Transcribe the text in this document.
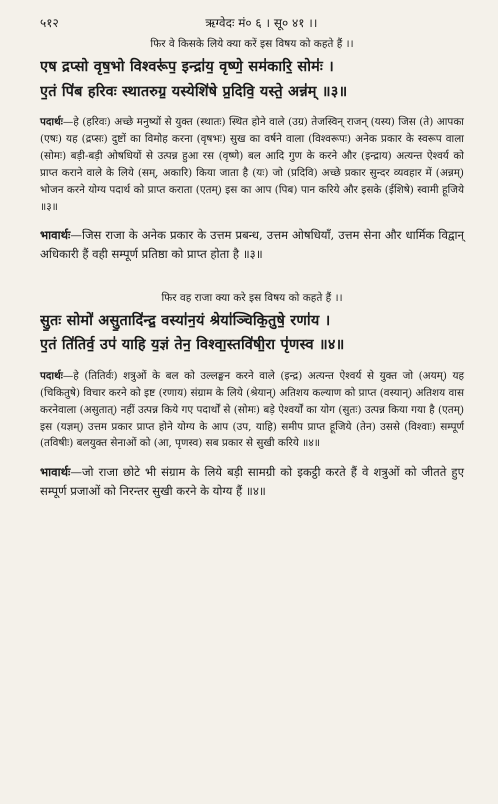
५१२	ऋग्वेदः मं० ६ । सू० ४१ ।।
फिर वे किसके लिये क्या करें इस विषय को कहते हैं ।।
एष द्रप्सो वृष॒भो विश्वरू॑प॒ इन्द्रा॑य॒ वृष्णे॒ सम॑कारि॒ सोमः॑ ।
ए॒तं पि॑ब हरिवः स्थातरुग्र॒ यस्येशि॑षे प्र॒दिवि॒ यस्ते॒ अन्न॑म् ॥३॥

पदार्थः—हे (हरिवः) अच्छे मनुष्यों से युक्त (स्थातः) स्थित होने वाले (उग्र) तेजस्विन् राजन् (यस्य) जिस (ते) आपका (एषः) यह (द्रप्सः) दुष्टों का विमोह करना (वृषभः) सुख का वर्षने वाला (विश्वरूपः) अनेक प्रकार के स्वरूप वाला (सोमः) बड़ी-बड़ी ओषधियों से उत्पन्न हुआ रस (वृष्णे) बल आदि गुण के करने और (इन्द्राय) अत्यन्त ऐश्वर्य को प्राप्त कराने वाले के लिये (सम्, अकारि) किया जाता है (यः) जो (प्रदिवि) अच्छे प्रकार सुन्दर व्यवहार में (अन्नम्) भोजन करने योग्य पदार्थ को प्राप्त कराता (एतम्) इस का आप (पिब) पान करिये और इसके (ईशिषे) स्वामी हूजिये ॥३॥

भावार्थः—जिस राजा के अनेक प्रकार के उत्तम प्रबन्ध, उत्तम ओषधियाँ, उत्तम सेना और धार्मिक विद्वान् अधिकारी हैं वही सम्पूर्ण प्रतिष्ठा को प्राप्त होता है ॥३॥

फिर वह राजा क्या करे इस विषय को कहते हैं ।।
सु॒तः सोमो॑ असु॒तादि॑न्द्र॒ वस्या॑न॒यं श्रेया॑ञ्चिकि॒तुषे॒ रणा॑य ।
ए॒तं ति॑तिर्व॒ उप॑ याहि य॒ज्ञं तेन॒ विश्वा॒स्तवि॑षी॒रा पृ॑णस्व ॥४॥

पदार्थः—हे (तितिर्वः) शत्रुओं के बल को उल्लङ्घन करने वाले (इन्द्र) अत्यन्त ऐश्वर्य से युक्त जो (अयम्) यह (चिकितुषे) विचार करने को इष्ट (रणाय) संग्राम के लिये (श्रेयान्) अतिशय कल्याण को प्राप्त (वस्यान्) अतिशय वास करनेवाला (असुतात्) नहीं उत्पन्न किये गए पदार्थों से (सोमः) बड़े ऐश्वर्यों का योग (सुतः) उत्पन्न किया गया है (एतम्) इस (यज्ञम्) उत्तम प्रकार प्राप्त होने योग्य के आप (उप, याहि) समीप प्राप्त हूजिये (तेन) उससे (विश्वाः) सम्पूर्ण (तविषीः) बलयुक्त सेनाओं को (आ, पृणस्व) सब प्रकार से सुखी करिये ॥४॥

भावार्थः—जो राजा छोटे भी संग्राम के लिये बड़ी सामग्री को इकट्ठी करते हैं वे शत्रुओं को जीतते हुए सम्पूर्ण प्रजाओं को निरन्तर सुखी करने के योग्य हैं ॥४॥
